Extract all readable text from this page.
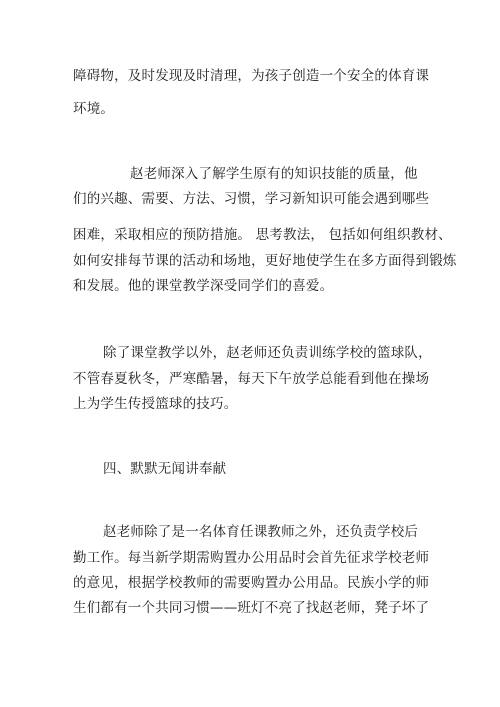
障碍物，及时发现及时清理，为孩子创造一个安全的体育课
环境。
赵老师深入了解学生原有的知识技能的质量，他
们的兴趣、需要、方法、习惯，学习新知识可能会遇到哪些
困难，采取相应的预防措施。 思考教法， 包括如何组织教材、
如何安排每节课的活动和场地，更好地使学生在多方面得到锻炼
和发展。他的课堂教学深受同学们的喜爱。
除了课堂教学以外，赵老师还负责训练学校的篮球队，
不管春夏秋冬，严寒酷暑，每天下午放学总能看到他在操场
上为学生传授篮球的技巧。
四、默默无闻讲奉献
赵老师除了是一名体育任课教师之外，还负责学校后
勤工作。每当新学期需购置办公用品时会首先征求学校老师
的意见，根据学校教师的需要购置办公用品。民族小学的师
生们都有一个共同习惯——班灯不亮了找赵老师，凳子坏了
